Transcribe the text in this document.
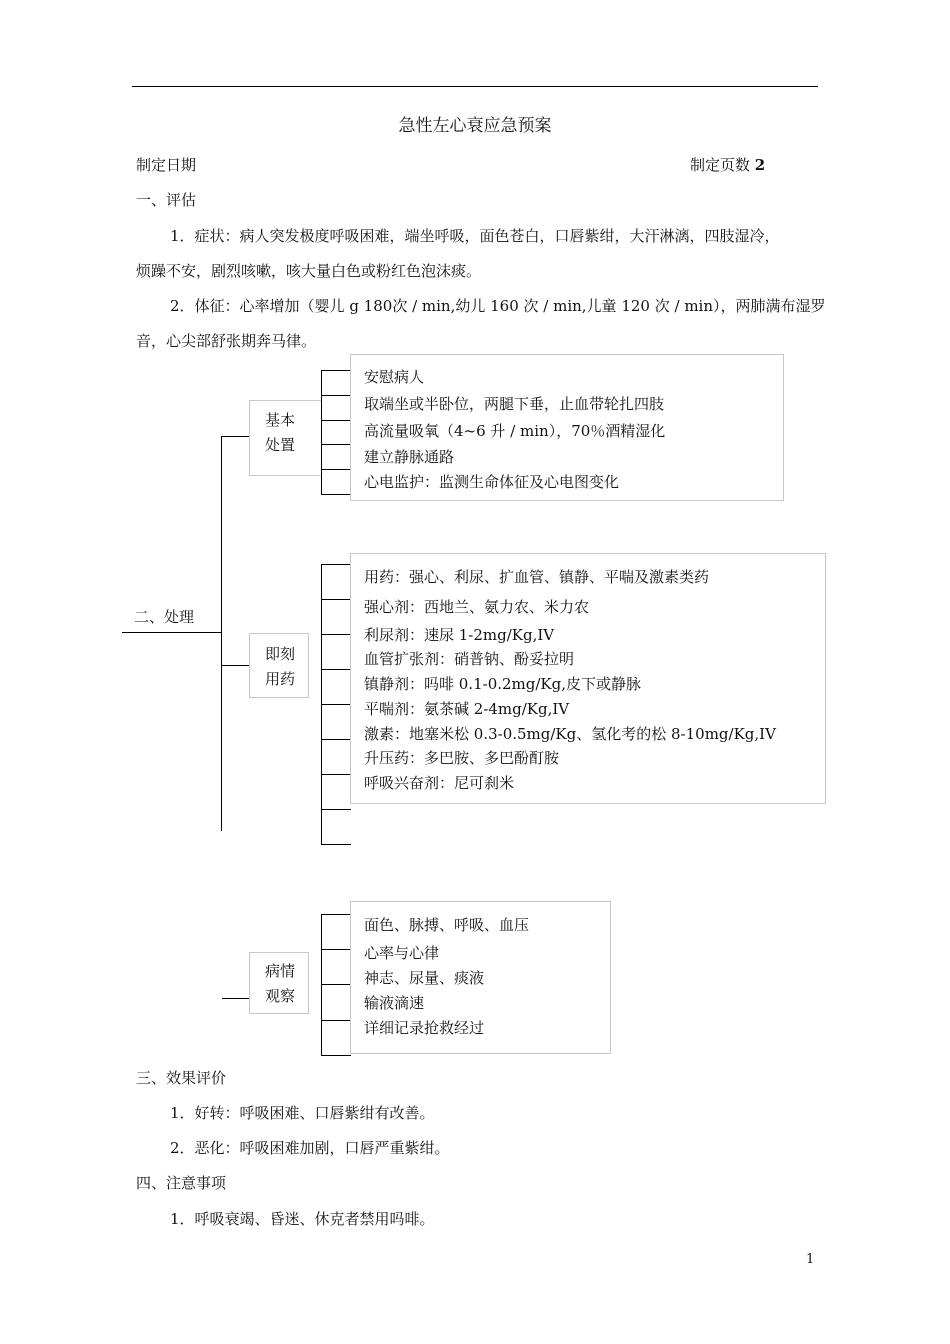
急性左心衰应急预案
制定日期	制定页数 2
一、评估
1．症状：病人突发极度呼吸困难，端坐呼吸，面色苍白，口唇紫绀，大汗淋漓，四肢湿冷，
烦躁不安，剧烈咳嗽，咳大量白色或粉红色泡沫痰。
2．体征：心率增加（婴儿 g 180次 / min,幼儿 160 次 / min,儿童 120 次 / min），两肺满布湿罗
音，心尖部舒张期奔马律。
二、处理
基本
处置
安慰病人
取端坐或半卧位，两腿下垂，止血带轮扎四肢
高流量吸氧（4~6 升 / min），70％酒精湿化
建立静脉通路
心电监护：监测生命体征及心电图变化
即刻
用药
用药：强心、利尿、扩血管、镇静、平喘及激素类药
强心剂：西地兰、氨力农、米力农
利尿剂：速尿 1-2mg/Kg,IV
血管扩张剂：硝普钠、酚妥拉明
镇静剂：吗啡 0.1-0.2mg/Kg,皮下或静脉
平喘剂：氨茶碱 2-4mg/Kg,IV
激素：地塞米松 0.3-0.5mg/Kg、氢化考的松 8-10mg/Kg,IV
升压药：多巴胺、多巴酚酊胺
呼吸兴奋剂：尼可刹米
病情
观察
面色、脉搏、呼吸、血压
心率与心律
神志、尿量、痰液
输液滴速
详细记录抢救经过
三、效果评价
1．好转：呼吸困难、口唇紫绀有改善。
2．恶化：呼吸困难加剧，口唇严重紫绀。
四、注意事项
1．呼吸衰竭、昏迷、休克者禁用吗啡。
1
